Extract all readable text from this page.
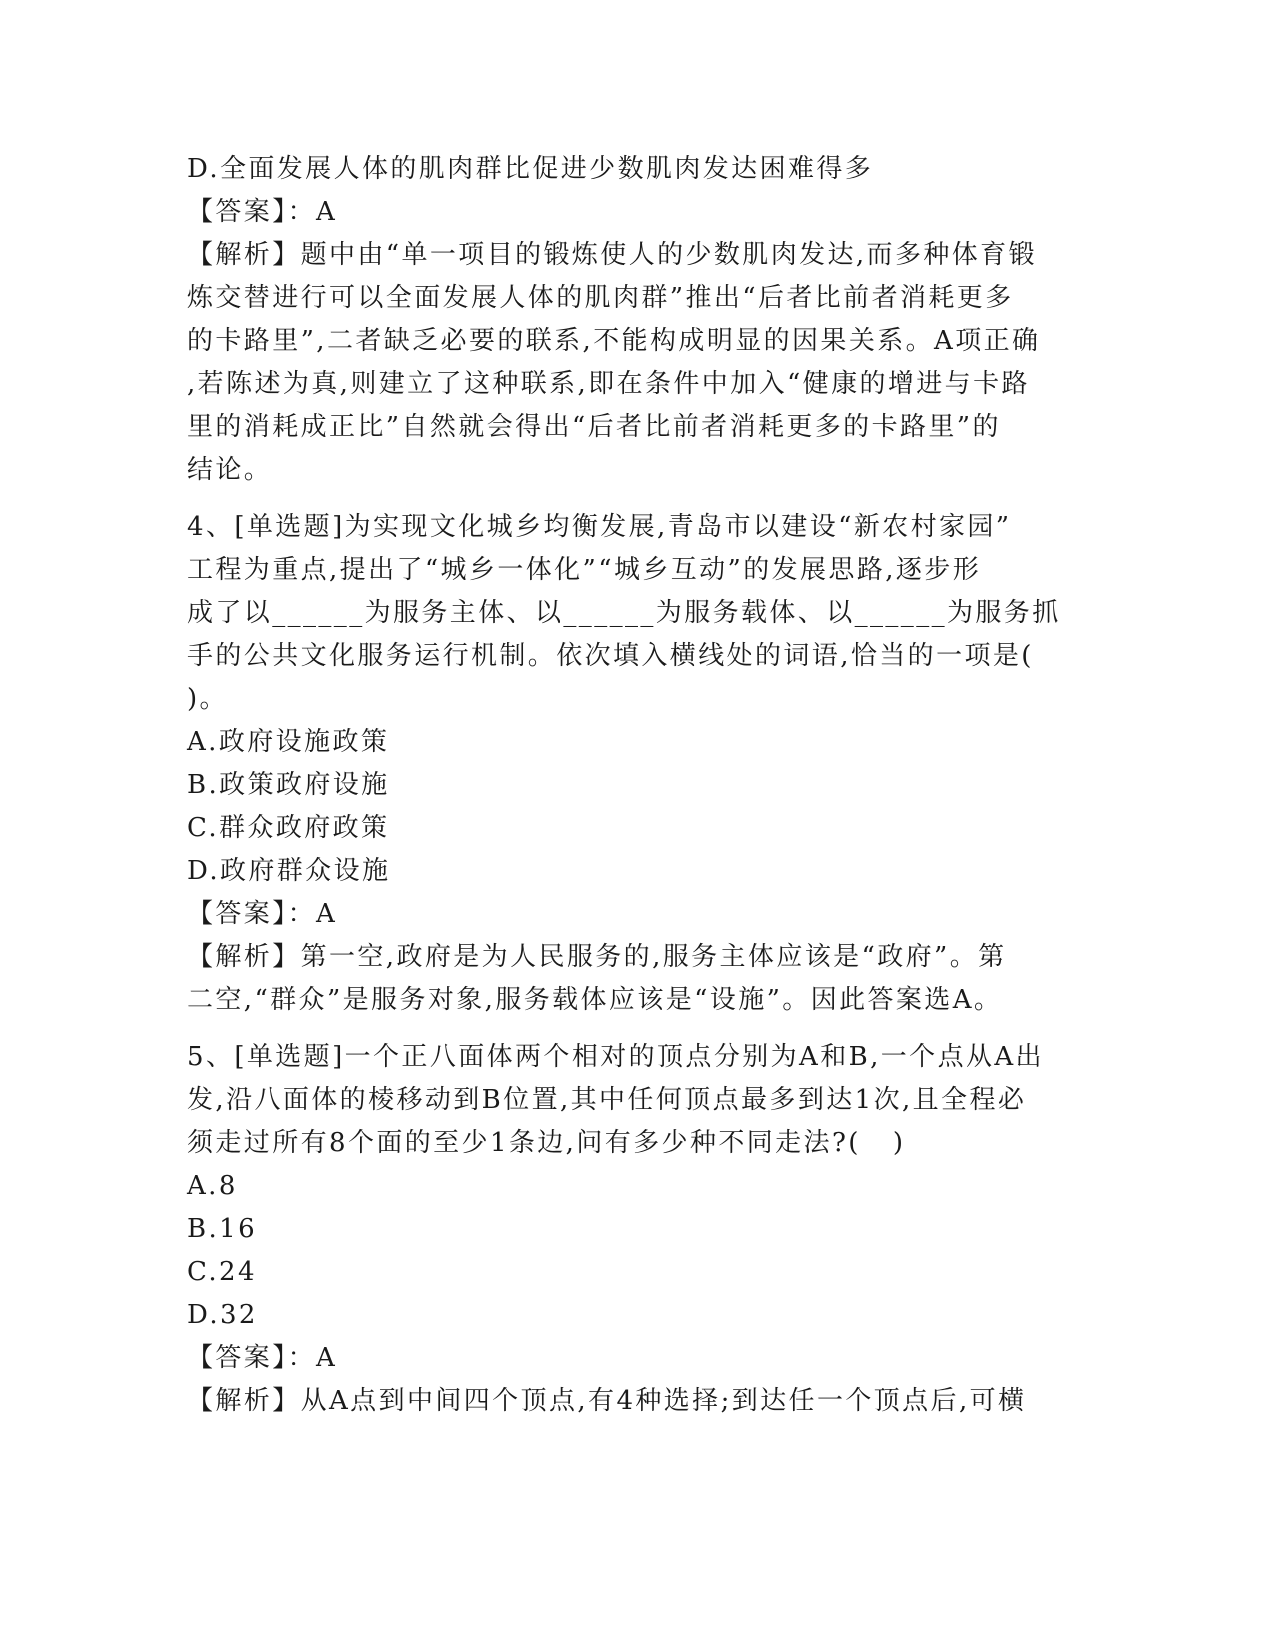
D.全面发展人体的肌肉群比促进少数肌肉发达困难得多
【答案】：A
【解析】题中由“单一项目的锻炼使人的少数肌肉发达,而多种体育锻
炼交替进行可以全面发展人体的肌肉群”推出“后者比前者消耗更多
的卡路里”,二者缺乏必要的联系,不能构成明显的因果关系。A项正确
,若陈述为真,则建立了这种联系,即在条件中加入“健康的增进与卡路
里的消耗成正比”自然就会得出“后者比前者消耗更多的卡路里”的
结论。
4、[单选题]为实现文化城乡均衡发展,青岛市以建设“新农村家园”
工程为重点,提出了“城乡一体化”“城乡互动”的发展思路,逐步形
成了以______为服务主体、以______为服务载体、以______为服务抓
手的公共文化服务运行机制。依次填入横线处的词语,恰当的一项是(
)。
A.政府设施政策
B.政策政府设施
C.群众政府政策
D.政府群众设施
【答案】：A
【解析】第一空,政府是为人民服务的,服务主体应该是“政府”。第
二空,“群众”是服务对象,服务载体应该是“设施”。因此答案选A。
5、[单选题]一个正八面体两个相对的顶点分别为A和B,一个点从A出
发,沿八面体的棱移动到B位置,其中任何顶点最多到达1次,且全程必
须走过所有8个面的至少1条边,问有多少种不同走法?(   )
A.8
B.16
C.24
D.32
【答案】：A
【解析】从A点到中间四个顶点,有4种选择;到达任一个顶点后,可横
